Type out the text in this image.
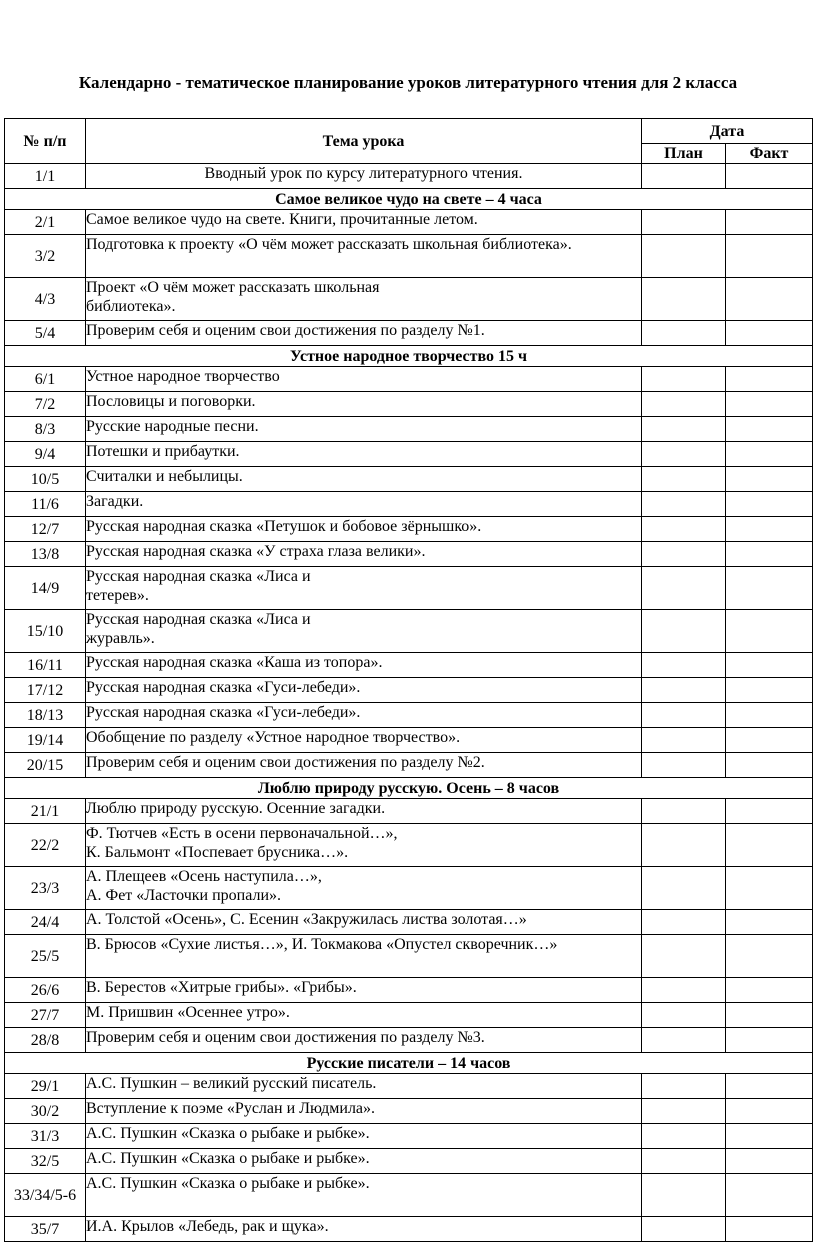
Календарно - тематическое планирование уроков литературного чтения для 2 класса
№ п/п	Тема урока	Дата	
		План	Факт
1/1	Вводный урок по курсу литературного чтения.		
Самое великое чудо на свете – 4 часа			
2/1	Самое великое чудо на свете. Книги, прочитанные летом.		
3/2	Подготовка к проекту «О чём может рассказать школьная библиотека».		
4/3	Проект «О чём может рассказать школьная
библиотека».		

5/4	Проверим себя и оценим свои достижения по разделу №1.		
Устное народное творчество 15 ч			
6/1	Устное народное творчество		
7/2	Пословицы и поговорки.		
8/3	Русские народные песни.		
9/4	Потешки и прибаутки.		
10/5	Считалки и небылицы.		
11/6	Загадки.		
12/7	Русская народная сказка «Петушок и бобовое зёрнышко».		
13/8	Русская народная сказка «У страха глаза велики».		
14/9	Русская народная сказка «Лиса и
тетерев».		

15/10	Русская народная сказка «Лиса и
журавль».		

16/11	Русская народная сказка «Каша из топора».		
17/12	Русская народная сказка «Гуси-лебеди».		
18/13	Русская народная сказка «Гуси-лебеди».		
19/14	Обобщение по разделу «Устное народное творчество».		
20/15	Проверим себя и оценим свои достижения по разделу №2.		
Люблю природу русскую. Осень – 8 часов			
21/1	Люблю природу русскую. Осенние загадки.		
22/2	Ф. Тютчев «Есть в осени первоначальной…»,
К. Бальмонт «Поспевает брусника…».		

23/3	А. Плещеев «Осень наступила…»,
А. Фет «Ласточки пропали».		

24/4	А. Толстой «Осень», С. Есенин «Закружилась листва золотая…»		
25/5	В. Брюсов «Сухие листья…», И. Токмакова «Опустел скворечник…»		
26/6	В. Берестов «Хитрые грибы». «Грибы».		
27/7	М. Пришвин «Осеннее утро».		
28/8	Проверим себя и оценим свои достижения по разделу №3.		
Русские писатели – 14 часов			
29/1	А.С. Пушкин – великий русский писатель.		
30/2	Вступление к поэме «Руслан и Людмила».		
31/3	А.С. Пушкин «Сказка о рыбаке и рыбке».		
32/5	А.С. Пушкин «Сказка о рыбаке и рыбке».		
33/34/5-6	А.С. Пушкин «Сказка о рыбаке и рыбке».		
35/7	И.А. Крылов «Лебедь, рак и щука».		
